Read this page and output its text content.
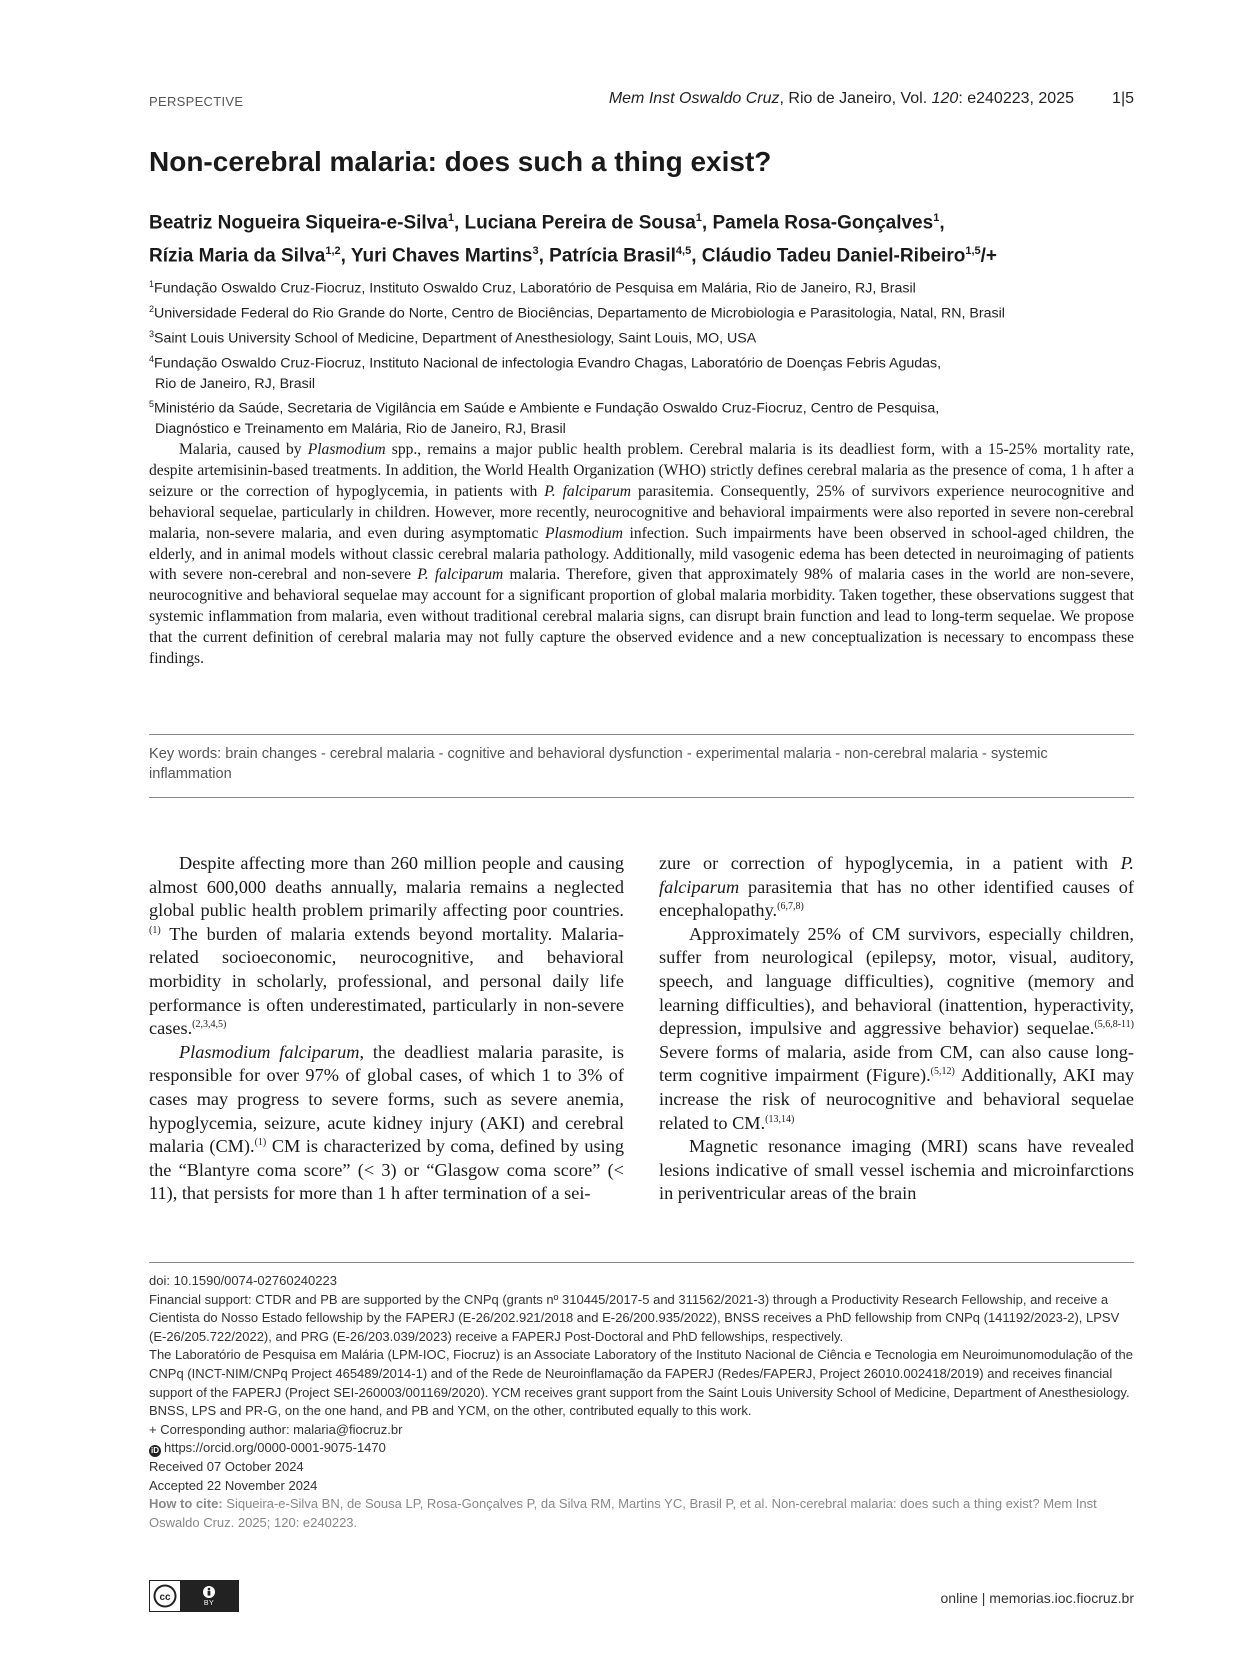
PERSPECTIVE	Mem Inst Oswaldo Cruz, Rio de Janeiro, Vol. 120: e240223, 2025 1|5
Non-cerebral malaria: does such a thing exist?
Beatriz Nogueira Siqueira-e-Silva$^1$, Luciana Pereira de Sousa$^1$, Pamela Rosa-Gonçalves$^1$,
Rízia Maria da Silva$^{1,2}$, Yuri Chaves Martins$^3$, Patrícia Brasil$^{4,5}$, Cláudio Tadeu Daniel-Ribeiro$^{1,5}$/+
$^1$Fundação Oswaldo Cruz-Fiocruz, Instituto Oswaldo Cruz, Laboratório de Pesquisa em Malária, Rio de Janeiro, RJ, Brasil
$^2$Universidade Federal do Rio Grande do Norte, Centro de Biociências, Departamento de Microbiologia e Parasitologia, Natal, RN, Brasil
$^3$Saint Louis University School of Medicine, Department of Anesthesiology, Saint Louis, MO, USA
$^4$Fundação Oswaldo Cruz-Fiocruz, Instituto Nacional de infectologia Evandro Chagas, Laboratório de Doenças Febris Agudas,
Rio de Janeiro, RJ, Brasil
$^5$Ministério da Saúde, Secretaria de Vigilância em Saúde e Ambiente e Fundação Oswaldo Cruz-Fiocruz, Centro de Pesquisa,
Diagnóstico e Treinamento em Malária, Rio de Janeiro, RJ, Brasil

Malaria, caused by Plasmodium spp., remains a major public health problem. Cerebral malaria is its deadliest form, with a 15-25% mortality rate, despite artemisinin-based treatments. In addition, the World Health Organization (WHO) strictly defines cerebral malaria as the presence of coma, 1 h after a seizure or the correction of hypoglycemia, in patients with P. falciparum parasitemia. Consequently, 25% of survivors experience neurocognitive and behavioral sequelae, particularly in children. However, more recently, neurocognitive and behavioral impairments were also reported in severe non-cerebral malaria, non-severe malaria, and even during asymptomatic Plasmodium infection. Such impairments have been observed in school-aged children, the elderly, and in animal models without classic cerebral malaria pathology. Additionally, mild vasogenic edema has been detected in neuroimaging of patients with severe non-cerebral and non-severe P. falciparum malaria. Therefore, given that approximately 98% of malaria cases in the world are non-severe, neurocognitive and behavioral sequelae may account for a significant proportion of global malaria morbidity. Taken together, these observations suggest that systemic inflammation from malaria, even without traditional cerebral malaria signs, can disrupt brain function and lead to long-term sequelae. We propose that the current definition of cerebral malaria may not fully capture the observed evidence and a new conceptualization is necessary to encompass these findings.

Key words: brain changes - cerebral malaria - cognitive and behavioral dysfunction - experimental malaria - non-cerebral malaria - systemic inflammation

Despite affecting more than 260 million people and causing almost 600,000 deaths annually, malaria remains a neglected global public health problem primarily affecting poor countries.$^{(1)}$ The burden of malaria extends beyond mortality. Malaria-related socioeconomic, neurocognitive, and behavioral morbidity in scholarly, professional, and personal daily life performance is often underestimated, particularly in non-severe cases.$^{(2,3,4,5)}$

Plasmodium falciparum, the deadliest malaria parasite, is responsible for over 97% of global cases, of which 1 to 3% of cases may progress to severe forms, such as severe anemia, hypoglycemia, seizure, acute kidney injury (AKI) and cerebral malaria (CM).$^{(1)}$ CM is characterized by coma, defined by using the “Blantyre coma score” (< 3) or “Glasgow coma score” (< 11), that persists for more than 1 h after termination of a sei-

zure or correction of hypoglycemia, in a patient with P. falciparum parasitemia that has no other identified causes of encephalopathy.$^{(6,7,8)}$

Approximately 25% of CM survivors, especially children, suffer from neurological (epilepsy, motor, visual, auditory, speech, and language difficulties), cognitive (memory and learning difficulties), and behavioral (inattention, hyperactivity, depression, impulsive and aggressive behavior) sequelae.$^{(5,6,8-11)}$ Severe forms of malaria, aside from CM, can also cause long-term cognitive impairment (Figure).$^{(5,12)}$ Additionally, AKI may increase the risk of neurocognitive and behavioral sequelae related to CM.$^{(13,14)}$

Magnetic resonance imaging (MRI) scans have revealed lesions indicative of small vessel ischemia and microinfarctions in periventricular areas of the brain

doi: 10.1590/0074-02760240223
Financial support: CTDR and PB are supported by the CNPq (grants nº 310445/2017-5 and 311562/2021-3) through a Productivity Research Fellowship, and receive a Cientista do Nosso Estado fellowship by the FAPERJ (E-26/202.921/2018 and E-26/200.935/2022), BNSS receives a PhD fellowship from CNPq (141192/2023-2), LPSV (E-26/205.722/2022), and PRG (E-26/203.039/2023) receive a FAPERJ Post-Doctoral and PhD fellowships, respectively.
The Laboratório de Pesquisa em Malária (LPM-IOC, Fiocruz) is an Associate Laboratory of the Instituto Nacional de Ciência e Tecnologia em Neuroimunomodulação of the CNPq (INCT-NIM/CNPq Project 465489/2014-1) and of the Rede de Neuroinflamação da FAPERJ (Redes/FAPERJ, Project 26010.002418/2019) and receives financial support of the FAPERJ (Project SEI-260003/001169/2020). YCM receives grant support from the Saint Louis University School of Medicine, Department of Anesthesiology.
BNSS, LPS and PR-G, on the one hand, and PB and YCM, on the other, contributed equally to this work.
+ Corresponding author: malaria@fiocruz.br
iD https://orcid.org/0000-0001-9075-1470
Received 07 October 2024
Accepted 22 November 2024
How to cite: Siqueira-e-Silva BN, de Sousa LP, Rosa-Gonçalves P, da Silva RM, Martins YC, Brasil P, et al. Non-cerebral malaria: does such a thing exist? Mem Inst Oswaldo Cruz. 2025; 120: e240223.
cc
BY	online | memorias.ioc.fiocruz.br
